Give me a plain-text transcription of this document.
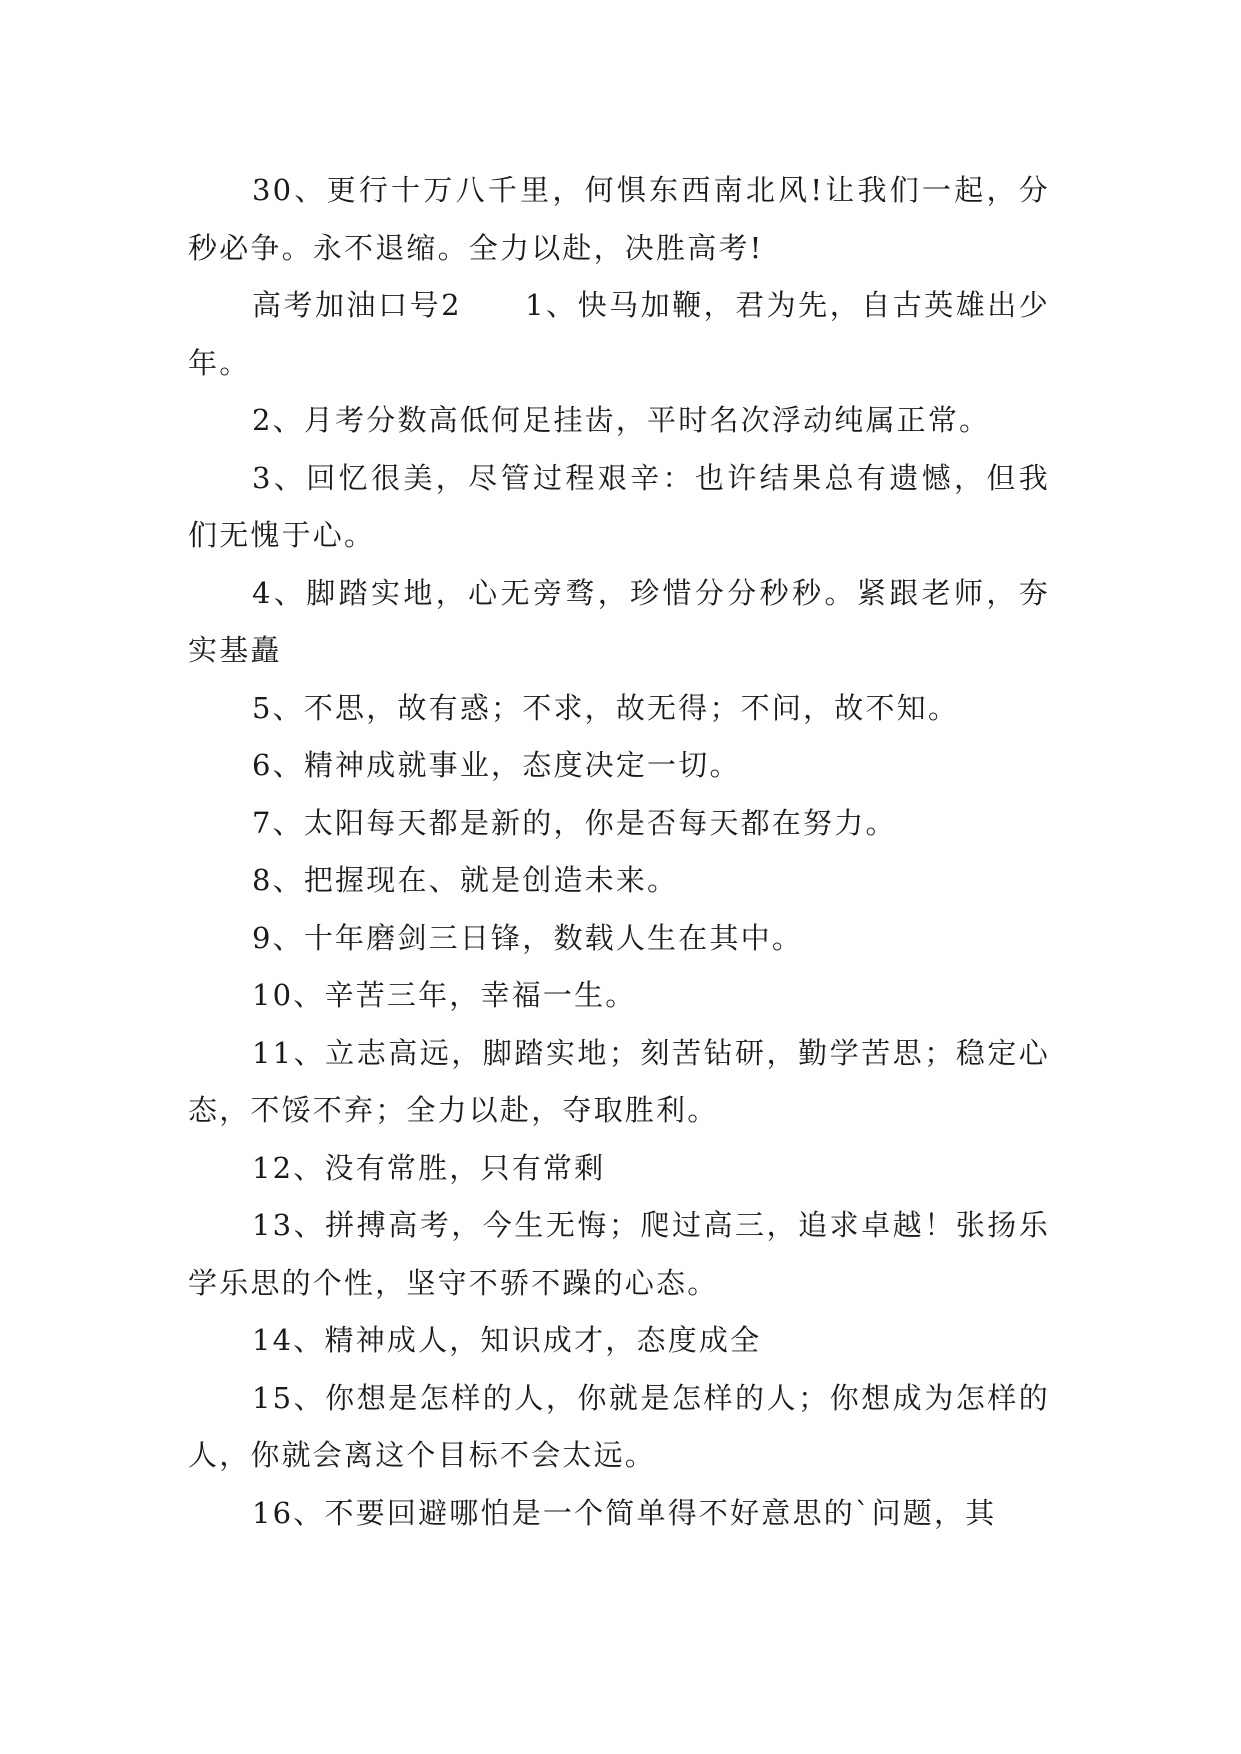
30、更行十万八千里，何惧东西南北风!让我们一起，分秒必争。永不退缩。全力以赴，决胜高考!

高考加油口号2　　1、快马加鞭，君为先，自古英雄出少年。

2、月考分数高低何足挂齿，平时名次浮动纯属正常。

3、回忆很美，尽管过程艰辛：也许结果总有遗憾，但我们无愧于心。

4、脚踏实地，心无旁骛，珍惜分分秒秒。紧跟老师，夯实基矗

5、不思，故有惑；不求，故无得；不问，故不知。

6、精神成就事业，态度决定一切。

7、太阳每天都是新的，你是否每天都在努力。

8、把握现在、就是创造未来。

9、十年磨剑三日锋，数载人生在其中。

10、辛苦三年，幸福一生。

11、立志高远，脚踏实地；刻苦钻研，勤学苦思；稳定心态，不馁不弃；全力以赴，夺取胜利。

12、没有常胜，只有常剩

13、拼搏高考，今生无悔；爬过高三，追求卓越！张扬乐学乐思的个性，坚守不骄不躁的心态。

14、精神成人，知识成才，态度成全

15、你想是怎样的人，你就是怎样的人；你想成为怎样的人，你就会离这个目标不会太远。

16、不要回避哪怕是一个简单得不好意思的`问题，其
